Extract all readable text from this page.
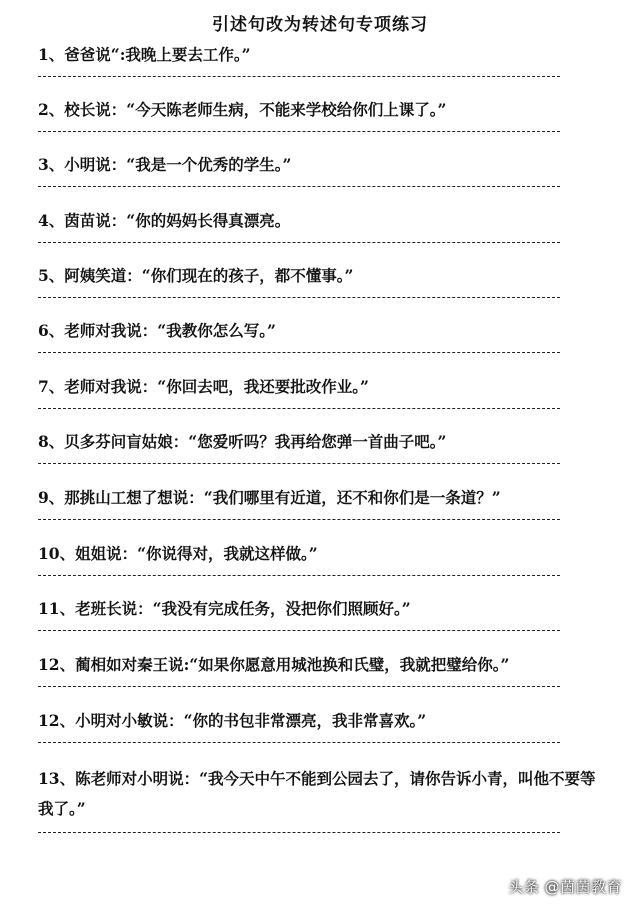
引述句改为转述句专项练习
1、爸爸说“:我晚上要去工作。”
2、校长说：“今天陈老师生病，不能来学校给你们上课了。”
3、小明说：“我是一个优秀的学生。”
4、茵苗说：“你的妈妈长得真漂亮。
5、阿姨笑道：“你们现在的孩子，都不懂事。”
6、老师对我说：“我教你怎么写。”
7、老师对我说：“你回去吧，我还要批改作业。”
8、贝多芬问盲姑娘：“您爱听吗？我再给您弹一首曲子吧。”
9、那挑山工想了想说：“我们哪里有近道，还不和你们是一条道？”
10、姐姐说：“你说得对，我就这样做。”
11、老班长说：“我没有完成任务，没把你们照顾好。”
12、蔺相如对秦王说:“如果你愿意用城池换和氏璧，我就把璧给你。”
12、小明对小敏说：“你的书包非常漂亮，我非常喜欢。”
13、陈老师对小明说：“我今天中午不能到公园去了，请你告诉小青，叫他不要等我了。”
头条 @茵茵教育
